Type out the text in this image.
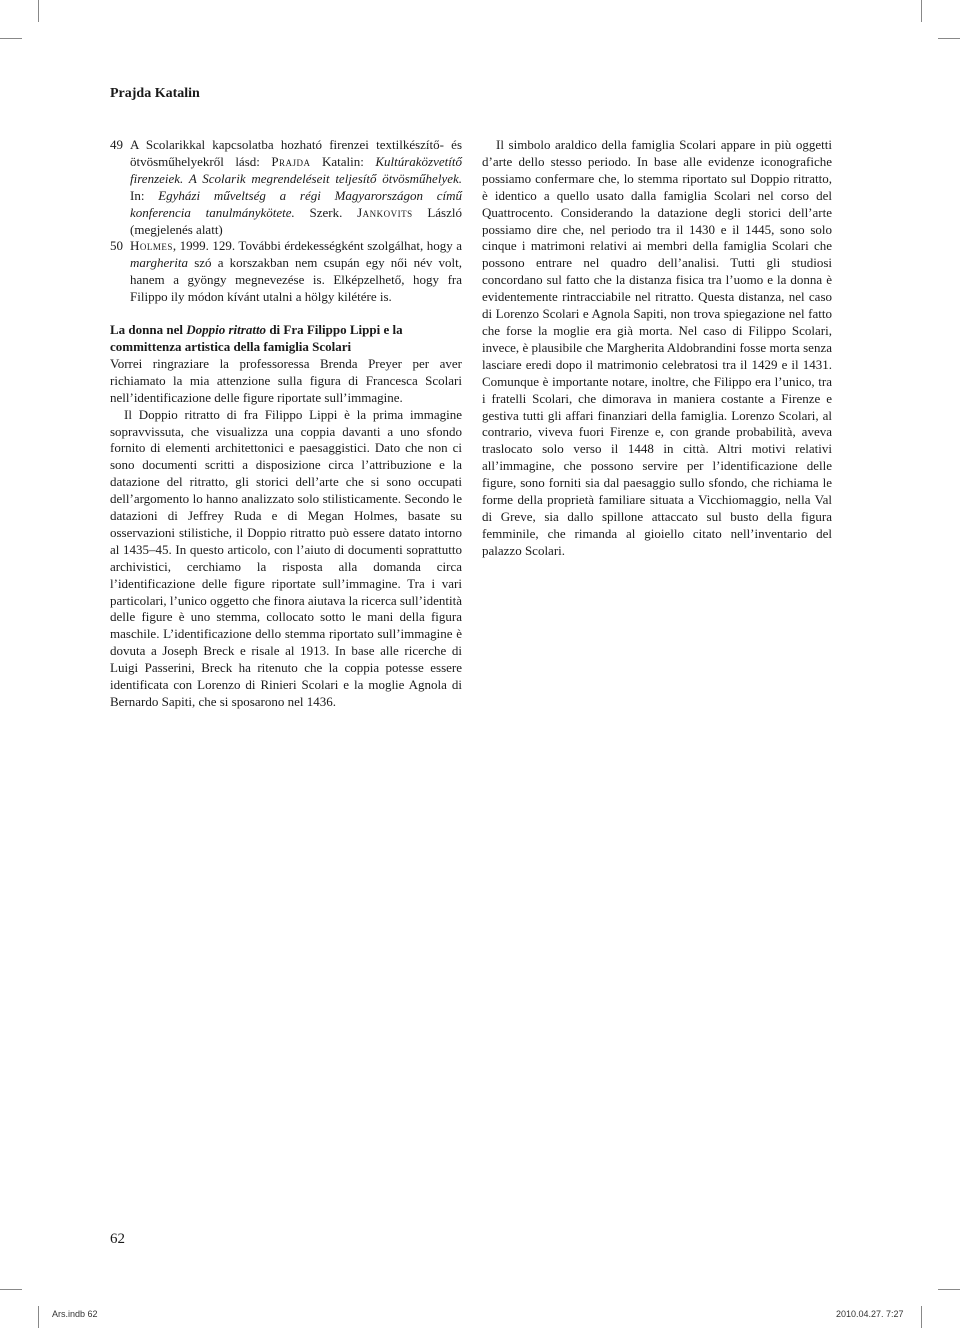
Prajda Katalin
49 A Scolarikkal kapcsolatba hozható firenzei textilkészítő- és ötvösműhelyekről lásd: Prajda Katalin: Kultúraközvetítő firenzeiek. A Scolarik megrendeléseit teljesítő ötvösműhelyek. In: Egyházi műveltség a régi Magyarországon című konferencia tanulmánykötete. Szerk. Jankovits László (megjelenés alatt)
50 Holmes, 1999. 129. További érdekességként szolgálhat, hogy a margherita szó a korszakban nem csupán egy női név volt, hanem a gyöngy megnevezése is. Elképzelhető, hogy fra Filippo ily módon kívánt utalni a hölgy kilétére is.
La donna nel Doppio ritratto di Fra Filippo Lippi e la committenza artistica della famiglia Scolari

Vorrei ringraziare la professoressa Brenda Preyer per aver richiamato la mia attenzione sulla figura di Francesca Scolari nell’identificazione delle figure riportate sull’immagine.

Il Doppio ritratto di fra Filippo Lippi è la prima immagine sopravvissuta, che visualizza una coppia davanti a uno sfondo fornito di elementi architettonici e paesaggistici. Dato che non ci sono documenti scritti a disposizione circa l’attribuzione e la datazione del ritratto, gli storici dell’arte che si sono occupati dell’argomento lo hanno analizzato solo stilisticamente. Secondo le datazioni di Jeffrey Ruda e di Megan Holmes, basate su osservazioni stilistiche, il Doppio ritratto può essere datato intorno al 1435–45. In questo articolo, con l’aiuto di documenti soprattutto archivistici, cerchiamo la risposta alla domanda circa l’identificazione delle figure riportate sull’immagine. Tra i vari particolari, l’unico oggetto che finora aiutava la ricerca sull’identità delle figure è uno stemma, collocato sotto le mani della figura maschile. L’identificazione dello stemma riportato sull’immagine è dovuta a Joseph Breck e risale al 1913. In base alle ricerche di Luigi Passerini, Breck ha ritenuto che la coppia potesse essere identificata con Lorenzo di Rinieri Scolari e la moglie Agnola di Bernardo Sapiti, che si sposarono nel 1436.

Il simbolo araldico della famiglia Scolari appare in più oggetti d’arte dello stesso periodo. In base alle evidenze iconografiche possiamo confermare che, lo stemma riportato sul Doppio ritratto, è identico a quello usato dalla famiglia Scolari nel corso del Quattrocento. Considerando la datazione degli storici dell’arte possiamo dire che, nel periodo tra il 1430 e il 1445, sono solo cinque i matrimoni relativi ai membri della famiglia Scolari che possono entrare nel quadro dell’analisi. Tutti gli studiosi concordano sul fatto che la distanza fisica tra l’uomo e la donna è evidentemente rintracciabile nel ritratto. Questa distanza, nel caso di Lorenzo Scolari e Agnola Sapiti, non trova spiegazione nel fatto che forse la moglie era già morta. Nel caso di Filippo Scolari, invece, è plausibile che Margherita Aldobrandini fosse morta senza lasciare eredi dopo il matrimonio celebratosi tra il 1429 e il 1431. Comunque è importante notare, inoltre, che Filippo era l’unico, tra i fratelli Scolari, che dimorava in maniera costante a Firenze e gestiva tutti gli affari finanziari della famiglia. Lorenzo Scolari, al contrario, viveva fuori Firenze e, con grande probabilità, aveva traslocato solo verso il 1448 in città. Altri motivi relativi all’immagine, che possono servire per l’identificazione delle figure, sono forniti sia dal paesaggio sullo sfondo, che richiama le forme della proprietà familiare situata a Vicchiomaggio, nella Val di Greve, sia dallo spillone attaccato sul busto della figura femminile, che rimanda al gioiello citato nell’inventario del palazzo Scolari.

62
Ars.indb 62	2010.04.27. 7:27
